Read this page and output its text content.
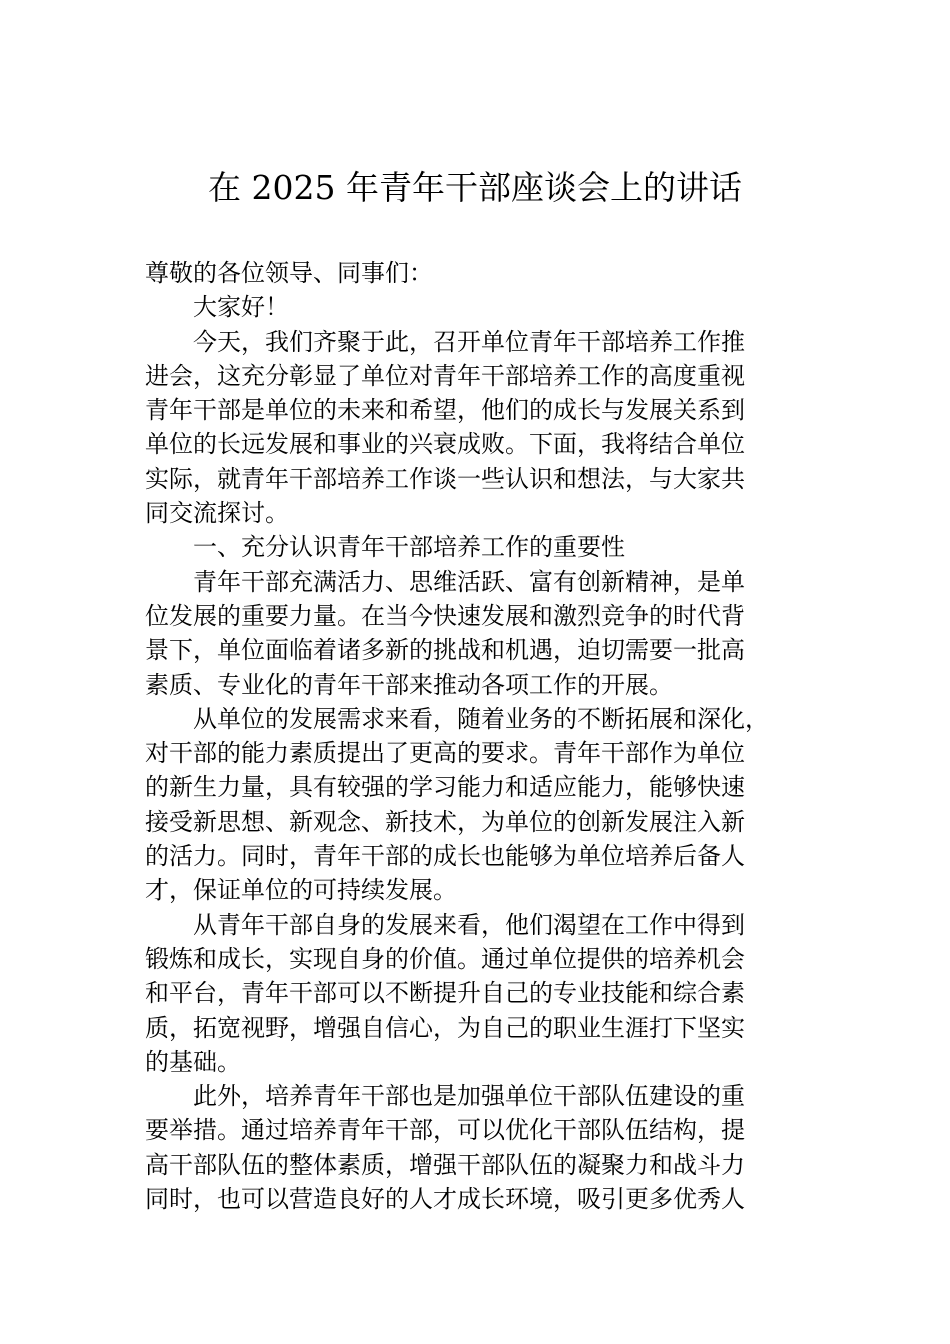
在 2025 年青年干部座谈会上的讲话
尊敬的各位领导、同事们：
大家好！
今天，我们齐聚于此，召开单位青年干部培养工作推
进会，这充分彰显了单位对青年干部培养工作的高度重视
青年干部是单位的未来和希望，他们的成长与发展关系到
单位的长远发展和事业的兴衰成败。下面，我将结合单位
实际，就青年干部培养工作谈一些认识和想法，与大家共
同交流探讨。
一、充分认识青年干部培养工作的重要性
青年干部充满活力、思维活跃、富有创新精神，是单
位发展的重要力量。在当今快速发展和激烈竞争的时代背
景下，单位面临着诸多新的挑战和机遇，迫切需要一批高
素质、专业化的青年干部来推动各项工作的开展。
从单位的发展需求来看，随着业务的不断拓展和深化，
对干部的能力素质提出了更高的要求。青年干部作为单位
的新生力量，具有较强的学习能力和适应能力，能够快速
接受新思想、新观念、新技术，为单位的创新发展注入新
的活力。同时，青年干部的成长也能够为单位培养后备人
才，保证单位的可持续发展。
从青年干部自身的发展来看，他们渴望在工作中得到
锻炼和成长，实现自身的价值。通过单位提供的培养机会
和平台，青年干部可以不断提升自己的专业技能和综合素
质，拓宽视野，增强自信心，为自己的职业生涯打下坚实
的基础。
此外，培养青年干部也是加强单位干部队伍建设的重
要举措。通过培养青年干部，可以优化干部队伍结构，提
高干部队伍的整体素质，增强干部队伍的凝聚力和战斗力
同时，也可以营造良好的人才成长环境，吸引更多优秀人
